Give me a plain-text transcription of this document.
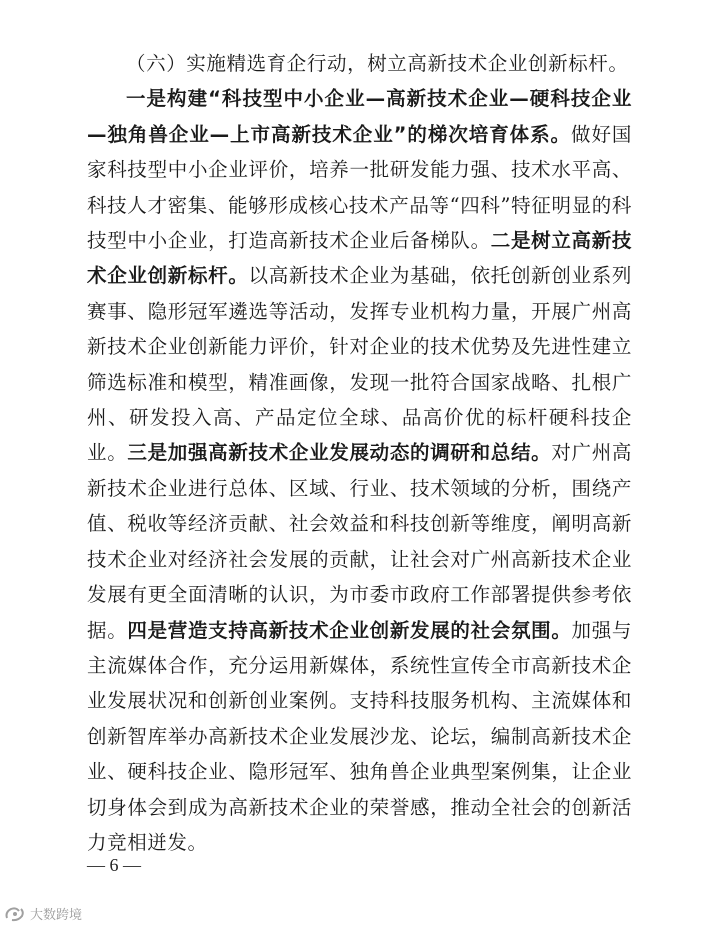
（六）实施精选育企行动，树立高新技术企业创新标杆。

一是构建“科技型中小企业—高新技术企业—硬科技企业—独角兽企业—上市高新技术企业”的梯次培育体系。做好国家科技型中小企业评价，培养一批研发能力强、技术水平高、科技人才密集、能够形成核心技术产品等“四科”特征明显的科技型中小企业，打造高新技术企业后备梯队。二是树立高新技术企业创新标杆。以高新技术企业为基础，依托创新创业系列赛事、隐形冠军遴选等活动，发挥专业机构力量，开展广州高新技术企业创新能力评价，针对企业的技术优势及先进性建立筛选标准和模型，精准画像，发现一批符合国家战略、扎根广州、研发投入高、产品定位全球、品高价优的标杆硬科技企业。三是加强高新技术企业发展动态的调研和总结。对广州高新技术企业进行总体、区域、行业、技术领域的分析，围绕产值、税收等经济贡献、社会效益和科技创新等维度，阐明高新技术企业对经济社会发展的贡献，让社会对广州高新技术企业发展有更全面清晰的认识，为市委市政府工作部署提供参考依据。四是营造支持高新技术企业创新发展的社会氛围。加强与主流媒体合作，充分运用新媒体，系统性宣传全市高新技术企业发展状况和创新创业案例。支持科技服务机构、主流媒体和创新智库举办高新技术企业发展沙龙、论坛，编制高新技术企业、硬科技企业、隐形冠军、独角兽企业典型案例集，让企业切身体会到成为高新技术企业的荣誉感，推动全社会的创新活力竞相迸发。

— 6 —
大数跨境
